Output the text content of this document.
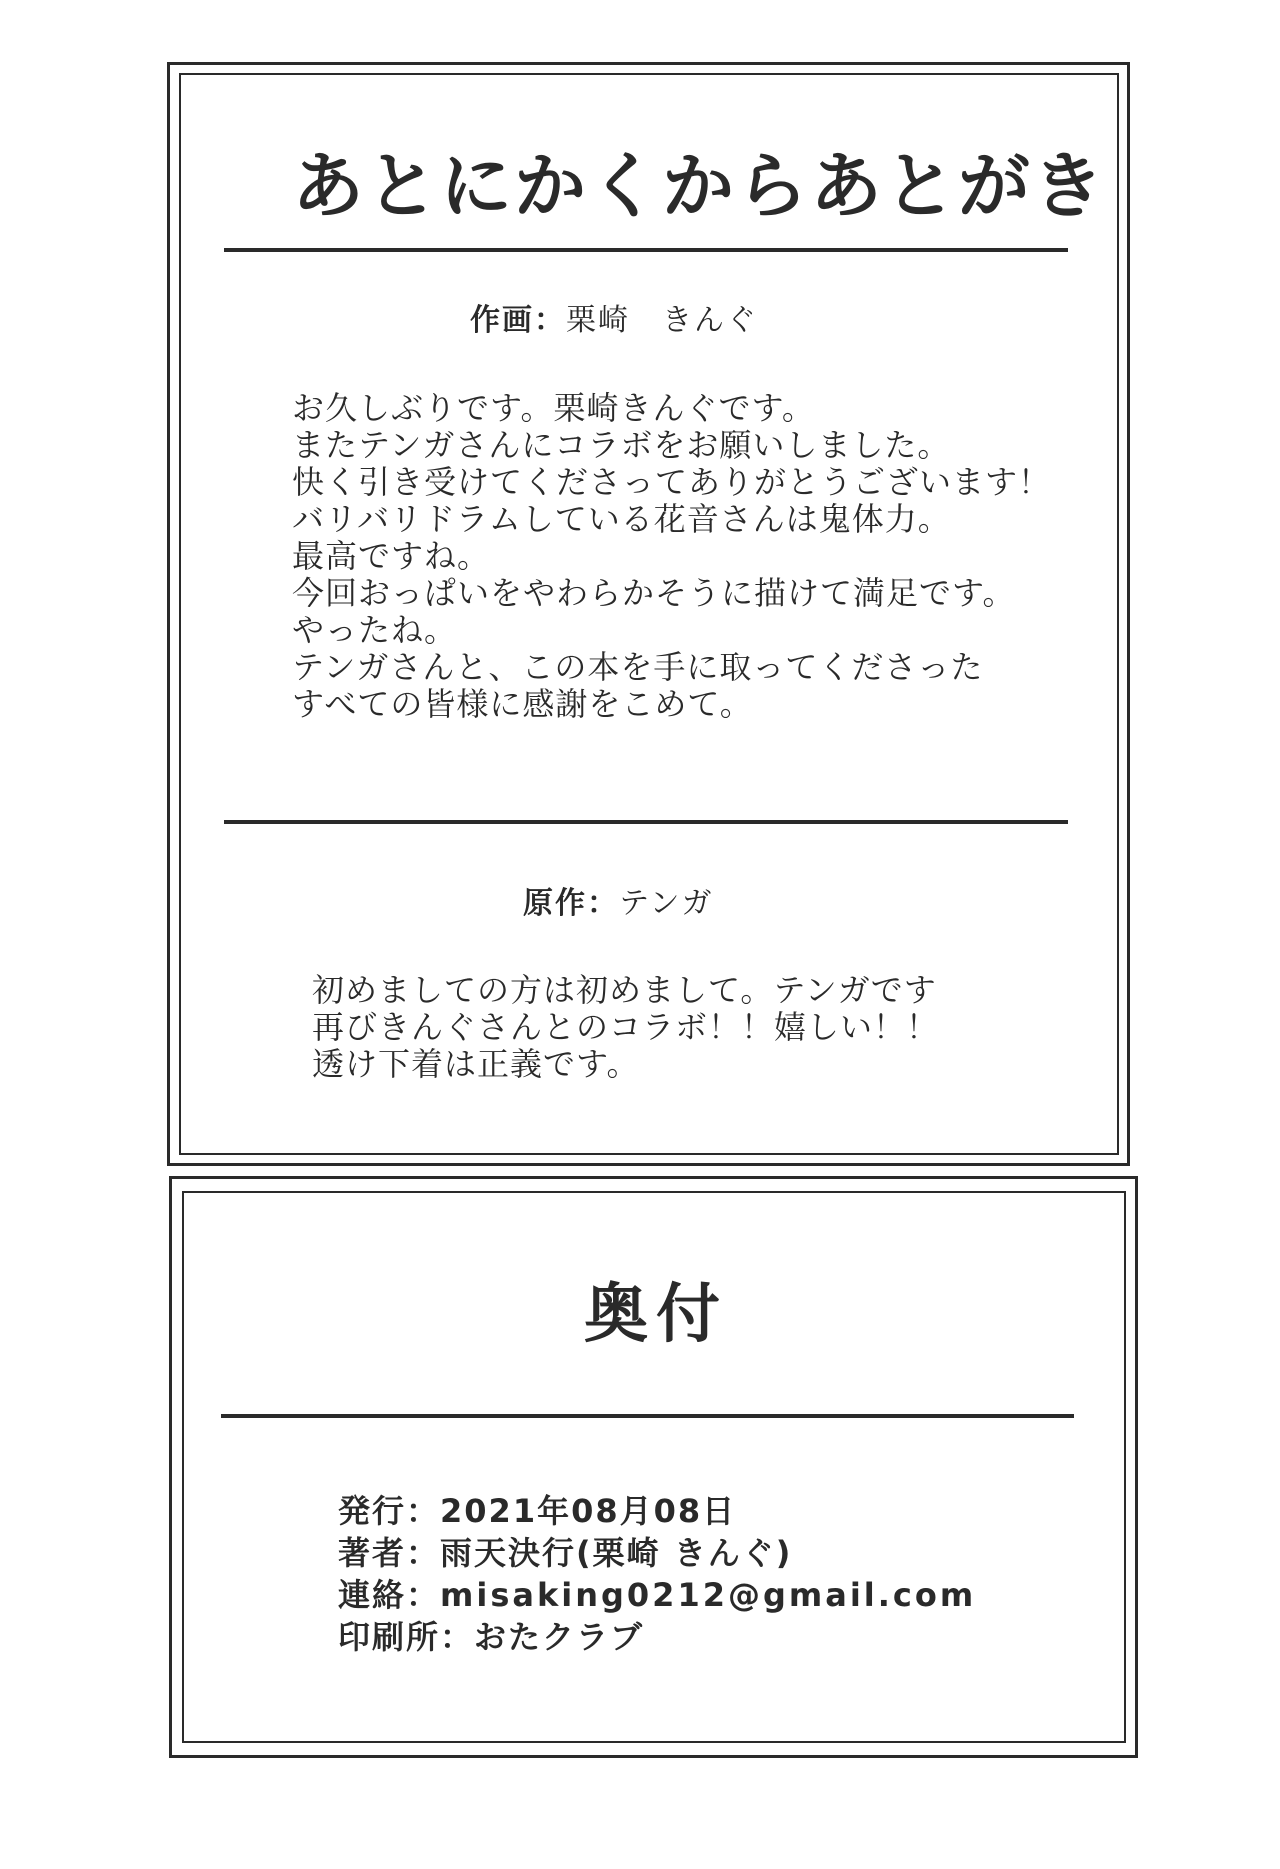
あとにかくからあとがき
作画：栗崎　きんぐ
お久しぶりです。栗崎きんぐです。
またテンガさんにコラボをお願いしました。
快く引き受けてくださってありがとうございます！
バリバリドラムしている花音さんは鬼体力。
最高ですね。
今回おっぱいをやわらかそうに描けて満足です。
やったね。
テンガさんと、この本を手に取ってくださった
すべての皆様に感謝をこめて。
原作：テンガ
初めましての方は初めまして。テンガです
再びきんぐさんとのコラボ！！嬉しい！！
透け下着は正義です。
奥付
発行：2021年08月08日
著者：雨天決行(栗崎 きんぐ)
連絡：misaking0212@gmail.com
印刷所：おたクラブ
